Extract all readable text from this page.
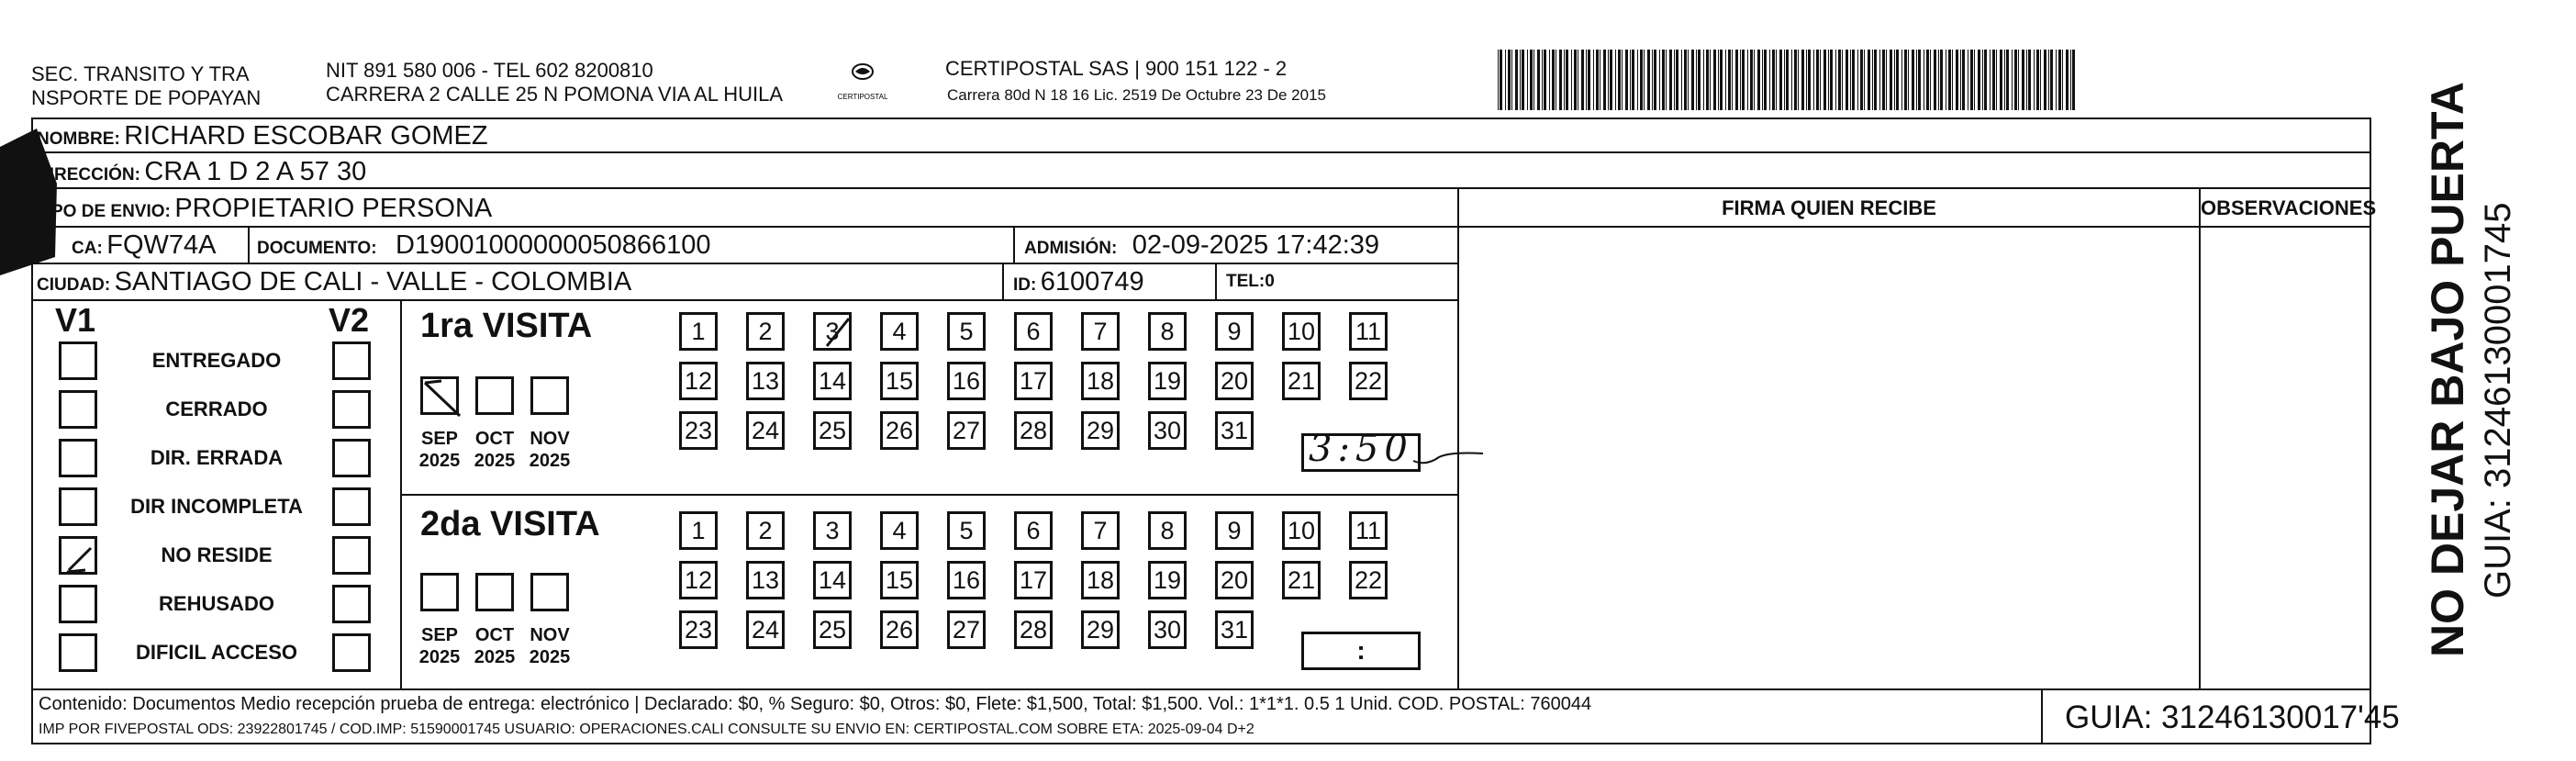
SEC. TRANSITO Y TRA
NSPORTE DE POPAYAN
NIT 891 580 006 - TEL 602 8200810
CARRERA 2 CALLE 25 N POMONA VIA AL HUILA	CERTIPOSTAL
CERTIPOSTAL SAS | 900 151 122 - 2
Carrera 80d N 18 16 Lic. 2519 De Octubre 23 De 2015
NOMBRE: RICHARD ESCOBAR GOMEZ
DIRECCIÓN: CRA 1 D 2 A 57 30
PO DE ENVIO: PROPIETARIO PERSONA
CA: FQW74A DOCUMENTO: D19001000000050866100	ADMISIÓN: 02-09-2025 17:42:39
CIUDAD: SANTIAGO DE CALI - VALLE - COLOMBIA	ID: 6100749	TEL:0
FIRMA QUIEN RECIBE	OBSERVACIONES
V1	V2
ENTREGADO
CERRADO
DIR. ERRADA
DIR INCOMPLETA
NO RESIDE
REHUSADO
DIFICIL ACCESO
1ra VISITA
SEP
2025
OCT
2025
NOV
2025
1	2	3	4	5	6	7	8	9	10 11
12 13 14 15 16 17 18 19 20 21 22
23 24 25 26 27 28 29 30 31
2da VISITA
SEP
2025
OCT
2025
NOV
2025
1	2	3	4	5	6	7	8	9	10 11
12 13 14 15 16 17 18 19 20 21 22
23 24 25 26 27 28 29 30 31
:
3:50
Contenido: Documentos Medio recepción prueba de entrega: electrónico | Declarado: $0, % Seguro: $0, Otros: $0, Flete: $1,500, Total: $1,500. Vol.: 1*1*1. 0.5 1 Unid. COD. POSTAL: 760044
IMP POR FIVEPOSTAL ODS: 23922801745 / COD.IMP: 51590001745 USUARIO: OPERACIONES.CALI CONSULTE SU ENVIO EN: CERTIPOSTAL.COM SOBRE ETA: 2025-09-04 D+2	GUIA: 31246130017'45
NO DEJAR BAJO PUERTA GUIA: 31246130001745
